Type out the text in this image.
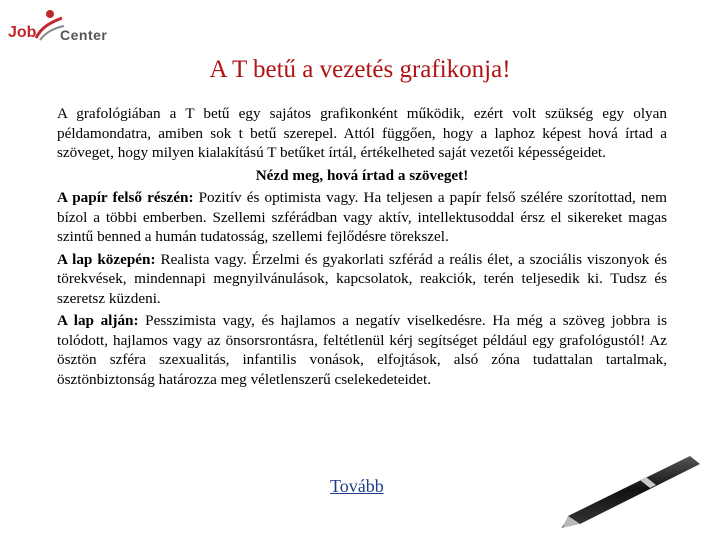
Job Center
A T betű a vezetés grafikonja!

A grafológiában a T betű egy sajátos grafikonként működik, ezért volt szükség egy olyan példamondatra, amiben sok t betű szerepel. Attól függően, hogy a laphoz képest hová írtad a szöveget, hogy milyen kialakítású T betűket írtál, értékelheted saját vezetői képességeidet.

Nézd meg, hová írtad a szöveget!

A papír felső részén: Pozitív és optimista vagy. Ha teljesen a papír felső szélére szorítottad, nem bízol a többi emberben. Szellemi szférádban vagy aktív, intellektusoddal érsz el sikereket magas szintű benned a humán tudatosság, szellemi fejlődésre törekszel.

A lap közepén: Realista vagy. Érzelmi és gyakorlati szférád a reális élet, a szociális viszonyok és törekvések, mindennapi megnyilvánulások, kapcsolatok, reakciók, terén teljesedik ki. Tudsz és szeretsz küzdeni.

A lap alján: Pesszimista vagy, és hajlamos a negatív viselkedésre. Ha még a szöveg jobbra is tolódott, hajlamos vagy az önsorsrontásra, feltétlenül kérj segítséget például egy grafológustól! Az ösztön szféra szexualitás, infantilis vonások, elfojtások, alsó zóna tudattalan tartalmak, ösztönbiztonság határozza meg véletlenszerű cselekedeteidet.

Tovább
